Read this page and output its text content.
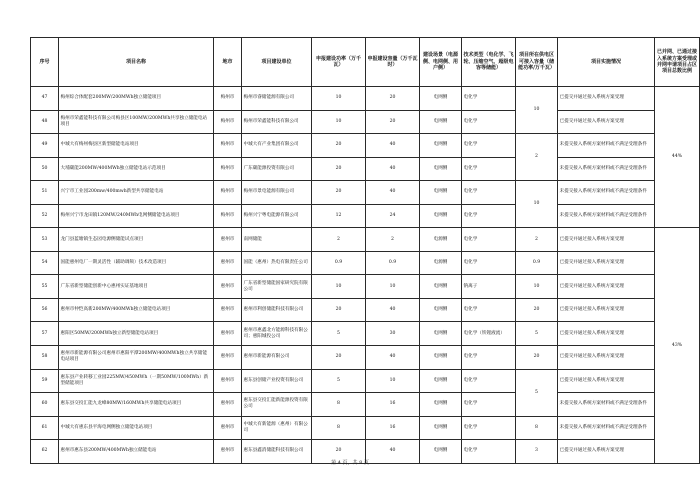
序号	项目名称	地市	项目建设单位	申报建设功率（万千瓦）	申报建设容量（万千瓦时）	建设场景（电源侧、电网侧、用户侧）	技术类型（电化学、飞轮、压缩空气、超级电容等储能）	项目所在供电区可接入容量（储能功率/万千瓦）	项目实施情况	已并网、已通过接入系统方案受理或并网申请项目占区项目总数比例
47	梅州综合体配套200MW/200MWh独立储能项目	梅州市	梅州市睿储能源有限公司	10	20	电网侧	电化学	10	已提交并通过接入系统方案受理	44%
48	梅州市荣鑫能科技有限公司梅县区100MW/200MWh共享独立储能电站项目	梅州市	梅州市荣鑫能科技有限公司	10	20	电网侧	电化学		已提交并通过接入系统方案受理	
49	中城大有梅州梅县区新型储能电站项目	梅州市	中城大有产业集团有限公司	20	40	电网侧	电化学	2	未提交接入系统方案材料或不满足受理条件	
50	大埔碳能200MW/400MWh独立储能电站示范项目	梅州市	广东碳能源投资有限公司	20	40	电网侧	电化学		未提交接入系统方案材料或不满足受理条件	
51	兴宁市工业园200mw/400mwh新型共享储能电站	梅州市	梅州市景电能源有限公司	20	40	电网侧	电化学	10	未提交接入系统方案材料或不满足受理条件	
52	梅州兴宁市龙田镇120MW/240MWh电网侧储能电站项目	梅州市	梅州兴宁粤电能源有限公司	12	24	电网侧	电化学		未提交接入系统方案材料或不满足受理条件	
53	龙门县蓝塘镇生态园电源侧储能试点项目	惠州市	南网储能	2	2	电源侧	电化学	2	已提交并通过接入系统方案受理	43%
54	国能惠州电厂一期灵活性（辅助调频）技术改造项目	惠州市	国能（惠州）热电有限责任公司	0.9	0.9	电源侧	电化学	0.9	已提交并通过接入系统方案受理	
55	广东省新型储能创新中心惠州实证基地项目	惠州市	广东省新型储能国家研究院有限公司	10	10	电网侧	钠离子	10	已提交并通过接入系统方案受理	
56	惠州市仲恺高新200MW/400MWh独立储能电站项目	惠州市	惠州市利创储能科技有限公司	20	40	电网侧	电化学	20	已提交并通过接入系统方案受理	
57	惠阳区50MW/200MWh独立新型储能电站项目	惠州市	惠州市惠鑫北方能源科技有限公司；惠阳城投公司	5	30	电网侧	电化学（铁锂液流）	5	已提交并通过接入系统方案受理	
58	惠州市新能源有限公司惠州市惠阳平潭200MW/400MWh独立共享储能电站项目	惠州市	惠州市新能源有限公司	20	40	电网侧	电化学	20	已提交并通过接入系统方案受理	
59	惠东县产业转移工业园225MW/450MWh（一期50MW/100MWh）新型储能项目	惠州市	惠东县创储产业投资有限公司	5	10	电网侧	电化学	5	已提交并通过接入系统方案受理	
60	惠东县交投汇能九龙峰80MW/160MWh共享储能电站项目	惠州市	惠东县交投汇能新能源投资有限公司	8	16	电网侧	电化学		未提交接入系统方案材料或不满足受理条件	
61	中城大有惠东县平海电网侧独立储能电站项目	惠州市	中城大有新能源（惠州）有限公司	8	16	电网侧	电化学	8	未提交接入系统方案材料或不满足受理条件	
62	惠州市惠东县200MW/400MWh独立储能电站	惠州市	惠东县鑫消储能科技有限公司	20	40	电网侧	电化学	3	已提交并通过接入系统方案受理	
第 4 页，共 8 页
